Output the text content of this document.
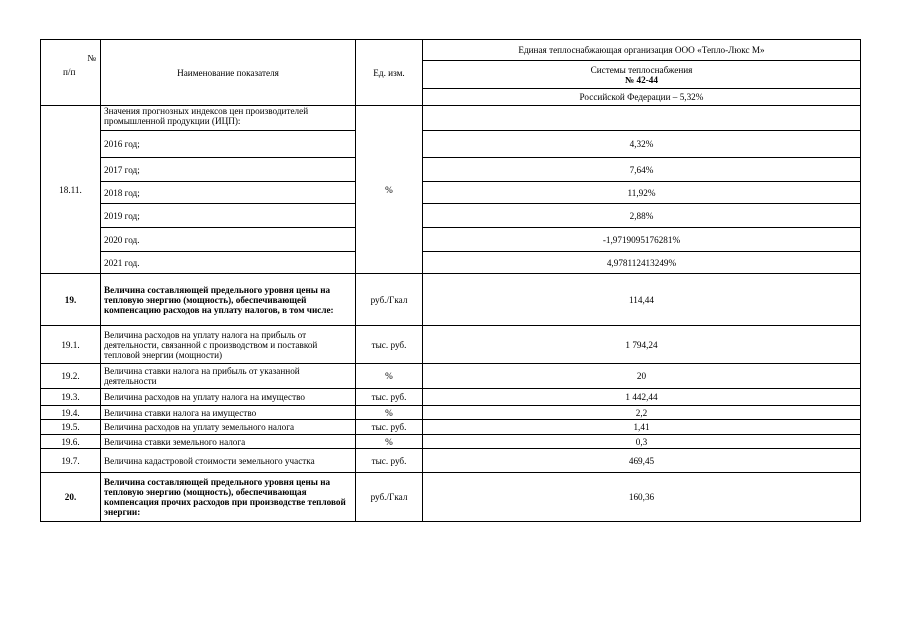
№
п/п	Наименование показателя	Ед. изм.	Единая теплоснабжающая организация ООО «Тепло-Люкс М»

			Системы теплоснабжения
№ 42-44

			Российской Федерации – 5,32%
18.11.	Значения прогнозных индексов цен производителей промышленной продукции (ИЦП):	%	
	2016 год;		4,32%
	2017 год;		7,64%
	2018 год;		11,92%
	2019 год;		2,88%
	2020 год.		-1,9719095176281%
	2021 год.		4,978112413249%
19.	Величина составляющей предельного уровня цены на тепловую энергию (мощность), обеспечивающей компенсацию расходов на уплату налогов, в том числе:	руб./Гкал	114,44
19.1.	Величина расходов на уплату налога на прибыль от деятельности, связанной с производством и поставкой тепловой энергии (мощности)	тыс. руб.	1 794,24
19.2.	Величина ставки налога на прибыль от указанной деятельности	%	20
19.3.	Величина расходов на уплату налога на имущество	тыс. руб.	1 442,44
19.4.	Величина ставки налога на имущество	%	2,2
19.5.	Величина расходов на уплату земельного налога	тыс. руб.	1,41
19.6.	Величина ставки земельного налога	%	0,3
19.7.	Величина кадастровой стоимости земельного участка	тыс. руб.	469,45
20.	Величина составляющей предельного уровня цены на тепловую энергию (мощность), обеспечивающая компенсация прочих расходов при производстве тепловой энергии:	руб./Гкал	160,36
